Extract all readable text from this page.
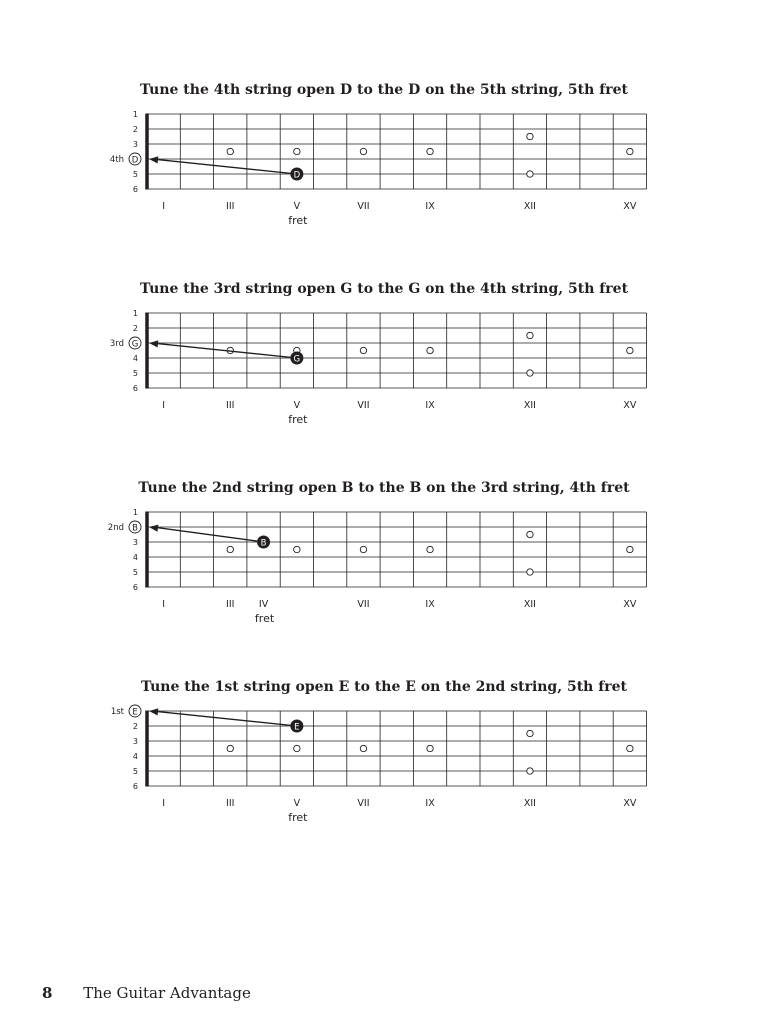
Tune the 4th string open D to the D on the 5th string, 5th fret
1
2
3
5
6
4th D
D
I	III	V	VII	IX	XII	XV
fret
Tune the 3rd string open G to the G on the 4th string, 5th fret
1
2
4
5
6
3rd G
G
I	III	V	VII	IX	XII	XV
fret
Tune the 2nd string open B to the B on the 3rd string, 4th fret
1
3
4
5
6
2nd B
B
I	III	IV	VII	IX	XII	XV
fret
Tune the 1st string open E to the E on the 2nd string, 5th fret
2
3
4
5
6
1st E
E
I	III	V	VII	IX	XII	XV
fret
8 The Guitar Advantage
